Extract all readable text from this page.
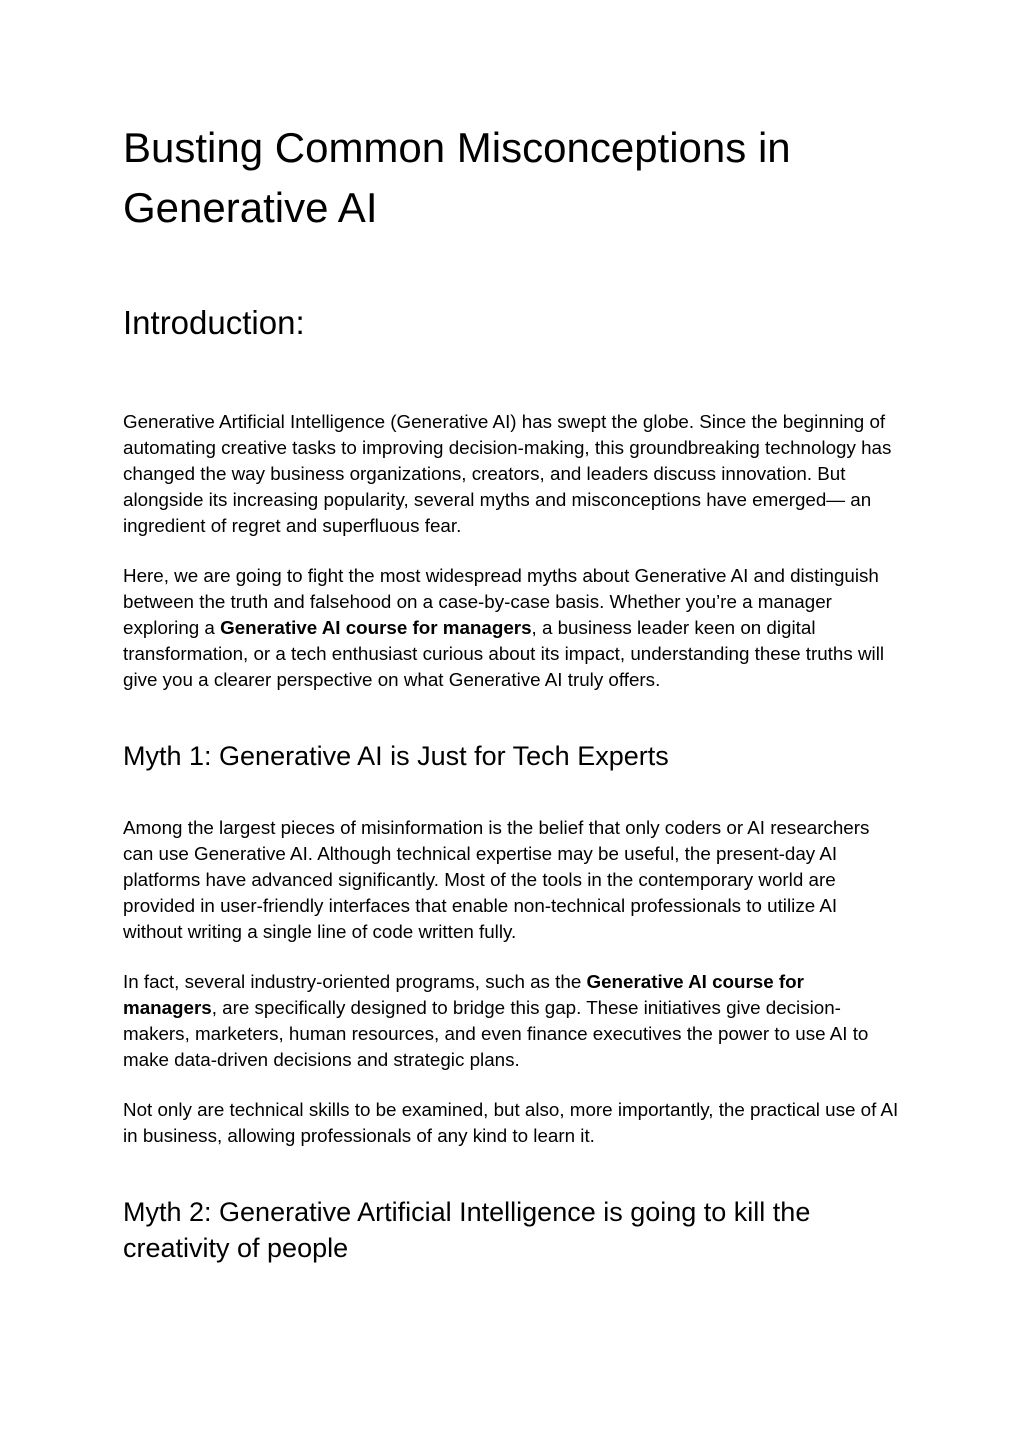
Busting Common Misconceptions in Generative AI
Introduction:

Generative Artificial Intelligence (Generative AI) has swept the globe. Since the beginning of automating creative tasks to improving decision-making, this groundbreaking technology has changed the way business organizations, creators, and leaders discuss innovation. But alongside its increasing popularity, several myths and misconceptions have emerged— an ingredient of regret and superfluous fear.

Here, we are going to fight the most widespread myths about Generative AI and distinguish between the truth and falsehood on a case-by-case basis. Whether you’re a manager exploring a Generative AI course for managers, a business leader keen on digital transformation, or a tech enthusiast curious about its impact, understanding these truths will give you a clearer perspective on what Generative AI truly offers.

Myth 1: Generative AI is Just for Tech Experts

Among the largest pieces of misinformation is the belief that only coders or AI researchers can use Generative AI. Although technical expertise may be useful, the present-day AI platforms have advanced significantly. Most of the tools in the contemporary world are provided in user-friendly interfaces that enable non-technical professionals to utilize AI without writing a single line of code written fully.

In fact, several industry-oriented programs, such as the Generative AI course for managers, are specifically designed to bridge this gap. These initiatives give decision-makers, marketers, human resources, and even finance executives the power to use AI to make data-driven decisions and strategic plans.

Not only are technical skills to be examined, but also, more importantly, the practical use of AI in business, allowing professionals of any kind to learn it.

Myth 2: Generative Artificial Intelligence is going to kill the creativity of people
